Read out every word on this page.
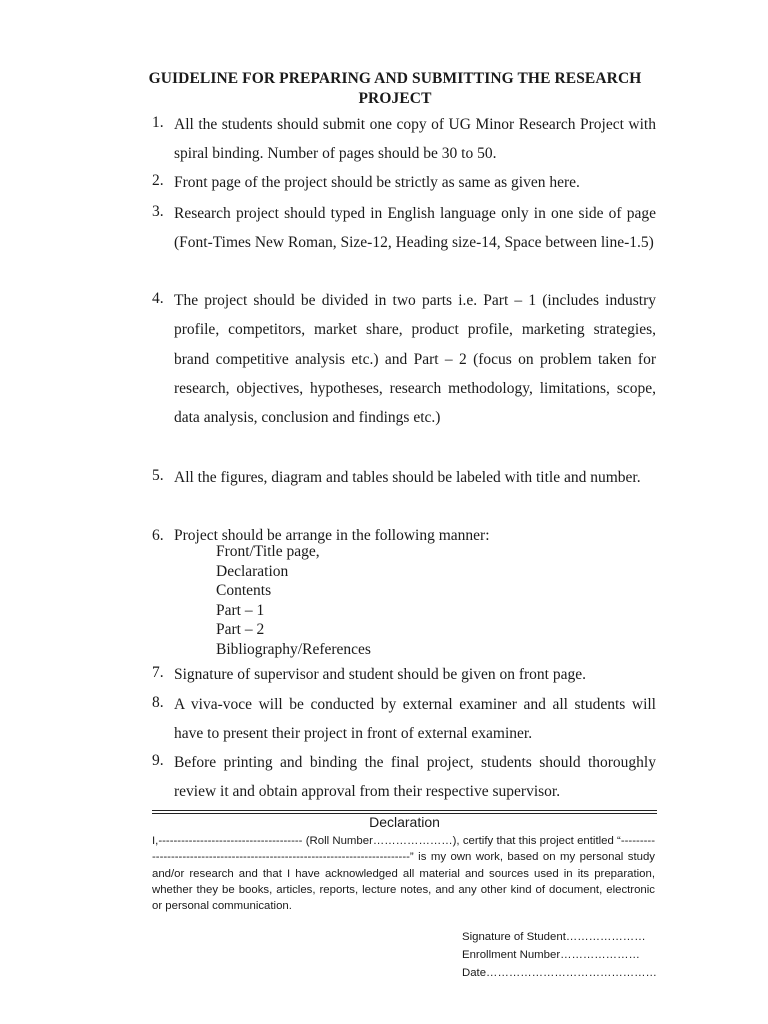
GUIDELINE FOR PREPARING AND SUBMITTING THE RESEARCH
PROJECT
1. All the students should submit one copy of UG Minor Research Project with spiral binding. Number of pages should be 30 to 50.
2. Front page of the project should be strictly as same as given here.
3. Research project should typed in English language only in one side of page (Font-Times New Roman, Size-12, Heading size-14, Space between line-1.5)
4. The project should be divided in two parts i.e. Part – 1 (includes industry profile, competitors, market share, product profile, marketing strategies, brand competitive analysis etc.) and Part – 2 (focus on problem taken for research, objectives, hypotheses, research methodology, limitations, scope, data analysis, conclusion and findings etc.)
5. All the figures, diagram and tables should be labeled with title and number.
6. Project should be arrange in the following manner:
Front/Title page,
Declaration
Contents
Part – 1
Part – 2
Bibliography/References
7. Signature of supervisor and student should be given on front page.
8. A viva-voce will be conducted by external examiner and all students will have to present their project in front of external examiner.
9. Before printing and binding the final project, students should thoroughly review it and obtain approval from their respective supervisor.
Declaration

I,-------------------------------------- (Roll Number…………………), certify that this project entitled “-----------------------------------------------------------------------------” is my own work, based on my personal study and/or research and that I have acknowledged all material and sources used in its preparation, whether they be books, articles, reports, lecture notes, and any other kind of document, electronic or personal communication.

Signature of Student…………………
Enrollment Number…………………
Date………………………………………
